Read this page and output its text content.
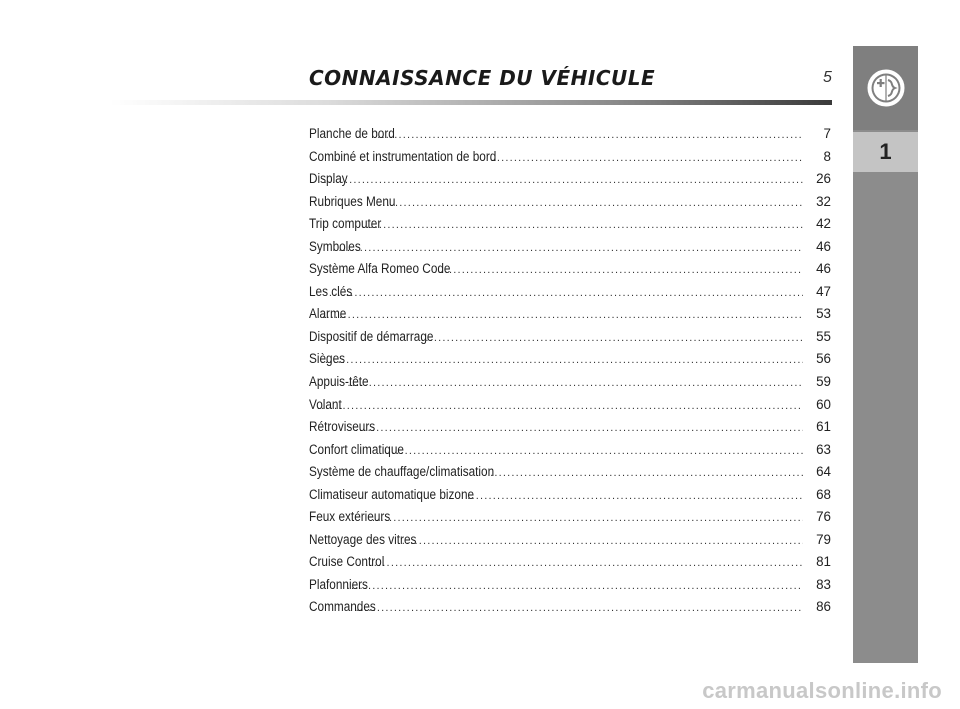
CONNAISSANCE DU VÉHICULE	5
Planche de bord .....	7
Combiné et instrumentation de bord .....	8
Display .....	26
Rubriques Menu .....	32
Trip computer .....	42
Symboles .....	46
Système Alfa Romeo Code .....	46
Les clés .....	47
Alarme .....	53
Dispositif de démarrage .....	55
Sièges .....	56
Appuis-tête .....	59
Volant .....	60
Rétroviseurs .....	61
Confort climatique .....	63
Système de chauffage/climatisation .....	64
Climatiseur automatique bizone .....	68
Feux extérieurs .....	76
Nettoyage des vitres .....	79
Cruise Control .....	81
Plafonniers .....	83
Commandes .....	86
1
carmanualsonline.info
